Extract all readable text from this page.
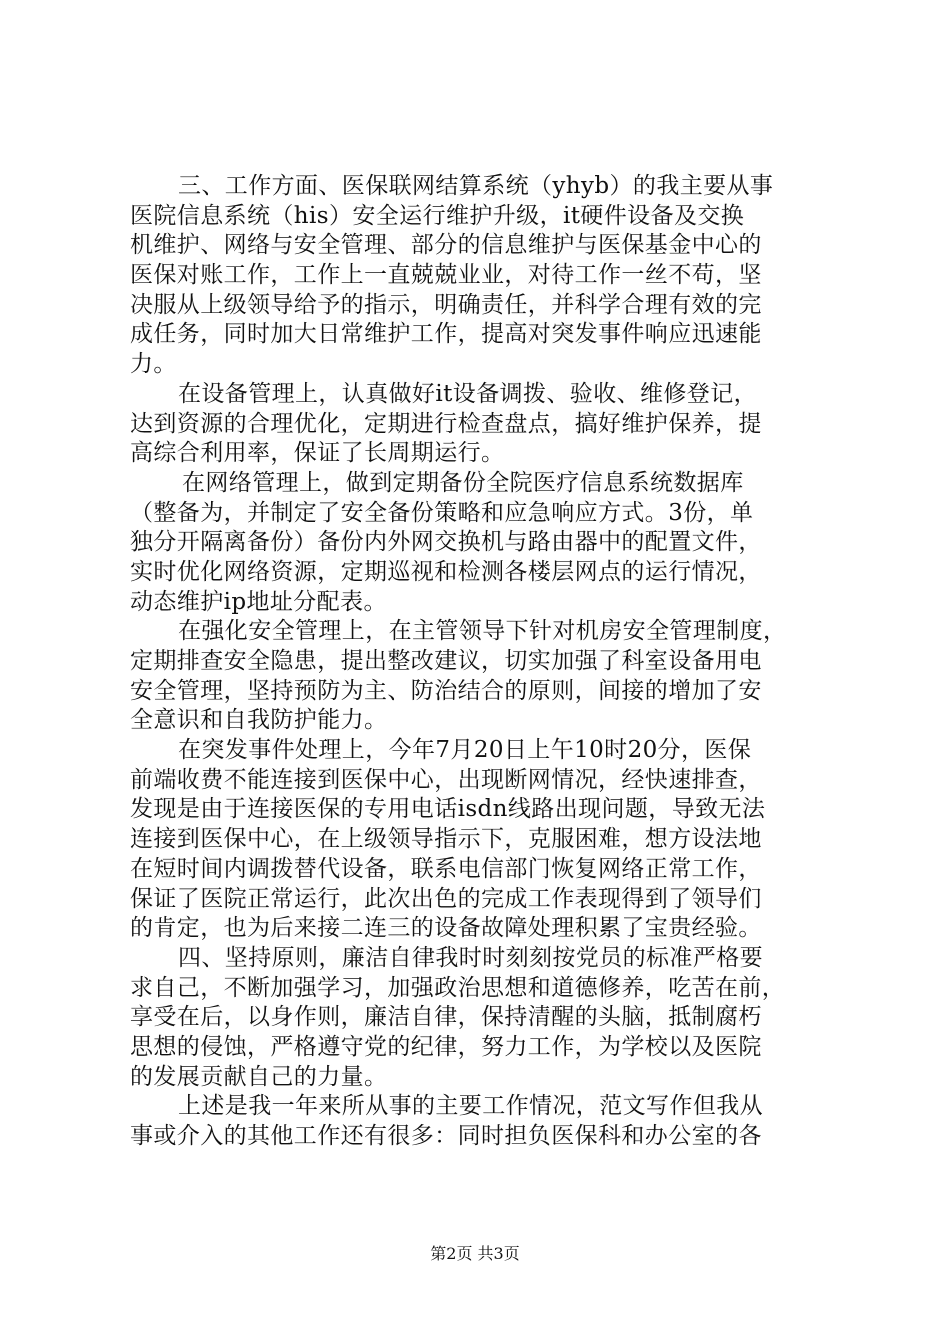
三、工作方面、医保联网结算系统（yhyb）的我主要从事
医院信息系统（his）安全运行维护升级，it硬件设备及交换
机维护、网络与安全管理、部分的信息维护与医保基金中心的
医保对账工作，工作上一直兢兢业业，对待工作一丝不苟，坚
决服从上级领导给予的指示，明确责任，并科学合理有效的完
成任务，同时加大日常维护工作，提高对突发事件响应迅速能
力。
在设备管理上，认真做好it设备调拨、验收、维修登记，
达到资源的合理优化，定期进行检查盘点，搞好维护保养，提
高综合利用率，保证了长周期运行。
在网络管理上，做到定期备份全院医疗信息系统数据库
（整备为，并制定了安全备份策略和应急响应方式。3份，单
独分开隔离备份）备份内外网交换机与路由器中的配置文件，
实时优化网络资源，定期巡视和检测各楼层网点的运行情况，
动态维护ip地址分配表。
在强化安全管理上，在主管领导下针对机房安全管理制度，
定期排查安全隐患，提出整改建议，切实加强了科室设备用电
安全管理，坚持预防为主、防治结合的原则，间接的增加了安
全意识和自我防护能力。
在突发事件处理上，今年7月20日上午10时20分，医保
前端收费不能连接到医保中心，出现断网情况，经快速排查，
发现是由于连接医保的专用电话isdn线路出现问题，导致无法
连接到医保中心，在上级领导指示下，克服困难，想方设法地
在短时间内调拨替代设备，联系电信部门恢复网络正常工作，
保证了医院正常运行，此次出色的完成工作表现得到了领导们
的肯定，也为后来接二连三的设备故障处理积累了宝贵经验。
四、坚持原则，廉洁自律我时时刻刻按党员的标准严格要
求自己，不断加强学习，加强政治思想和道德修养，吃苦在前，
享受在后，以身作则，廉洁自律，保持清醒的头脑，抵制腐朽
思想的侵蚀，严格遵守党的纪律，努力工作，为学校以及医院
的发展贡献自己的力量。
上述是我一年来所从事的主要工作情况，范文写作但我从
事或介入的其他工作还有很多：同时担负医保科和办公室的各
第2页 共3页
